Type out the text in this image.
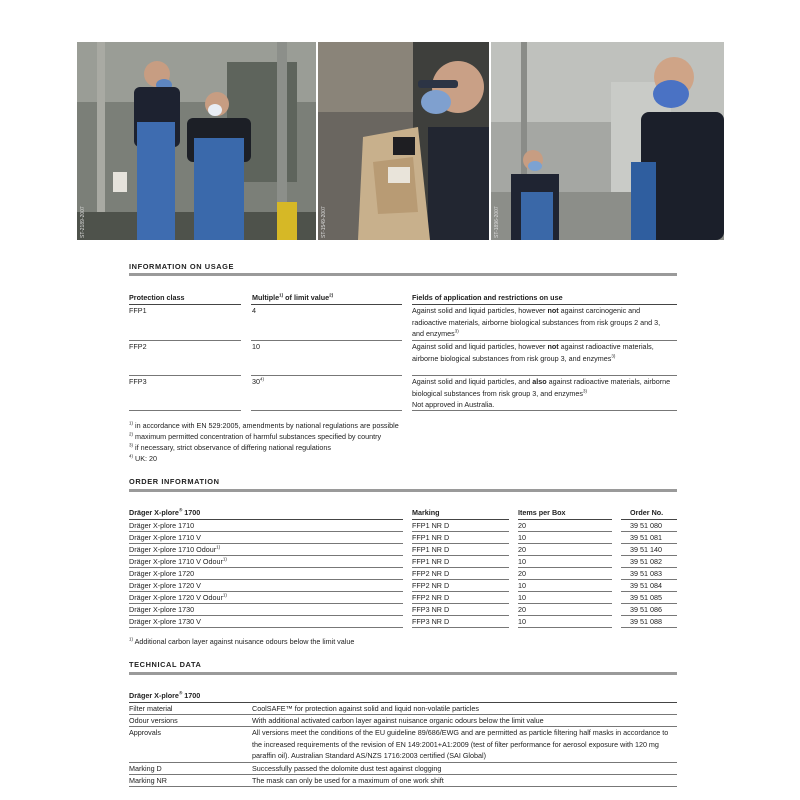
ST-2189-2007	ST-1549-2007	ST-1896-2007
INFORMATION ON USAGE
Protection class	Multiple$^{1)}$ of limit value$^{2)}$	Fields of application and restrictions on use
FFP1	4	Against solid and liquid particles, however not against carcinogenic and radioactive materials, airborne biological substances from risk groups 2 and 3, and enzymes$^{3)}$
FFP2	10	Against solid and liquid particles, however not against radioactive materials, airborne biological substances from risk group 3, and enzymes$^{3)}$
FFP3	30$^{4)}$	Against solid and liquid particles, and also against radioactive materials, airborne biological substances from risk group 3, and enzymes$^{3)}$
Not approved in Australia.
$^{1)}$ in accordance with EN 529:2005, amendments by national regulations are possible
$^{2)}$ maximum permitted concentration of harmful substances specified by country
$^{3)}$ if necessary, strict observance of differing national regulations
$^{4)}$ UK: 20
ORDER INFORMATION
Dräger X-plore® 1700	Marking	Items per Box	Order No.
Dräger X-plore 1710	FFP1 NR D	20	39 51 080
Dräger X-plore 1710 V	FFP1 NR D	10	39 51 081
Dräger X-plore 1710 Odour$^{1)}$	FFP1 NR D	20	39 51 140
Dräger X-plore 1710 V Odour$^{1)}$	FFP1 NR D	10	39 51 082
Dräger X-plore 1720	FFP2 NR D	20	39 51 083
Dräger X-plore 1720 V	FFP2 NR D	10	39 51 084
Dräger X-plore 1720 V Odour$^{1)}$	FFP2 NR D	10	39 51 085
Dräger X-plore 1730	FFP3 NR D	20	39 51 086
Dräger X-plore 1730 V	FFP3 NR D	10	39 51 088
$^{1)}$ Additional carbon layer against nuisance odours below the limit value
TECHNICAL DATA
Dräger X-plore® 1700
Filter material	CoolSAFE™ for protection against solid and liquid non-volatile particles
Odour versions	With additional activated carbon layer against nuisance organic odours below the limit value
Approvals	All versions meet the conditions of the EU guideline 89/686/EWG and are permitted as particle filtering half masks in accordance to the increased requirements of the revision of EN 149:2001+A1:2009 (test of filter performance for aerosol exposure with 120 mg paraffin oil). Australian Standard AS/NZS 1716:2003 certified (SAI Global)
Marking D	Successfully passed the dolomite dust test against clogging
Marking NR	The mask can only be used for a maximum of one work shift
